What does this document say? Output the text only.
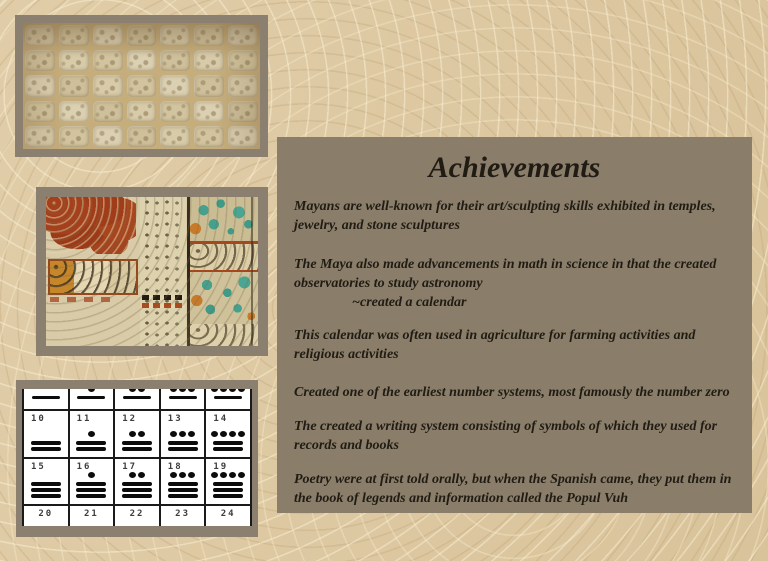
10	11	12	13	14
15	16	17	18	19
20	21	22	23	24
Achievements
Mayans are well-known for their art/sculpting skills exhibited in temples, jewelry, and stone sculptures
The Maya also made advancements in math in science in that the created observatories to study astronomy
~created a calendar
This calendar was often used in agriculture for farming activities and religious activities
Created one of the earliest number systems, most famously the number zero
The created a writing system consisting of symbols of which they used for records and books
Poetry were at first told orally, but when the Spanish came, they put them in the book of legends and information called the Popul Vuh
